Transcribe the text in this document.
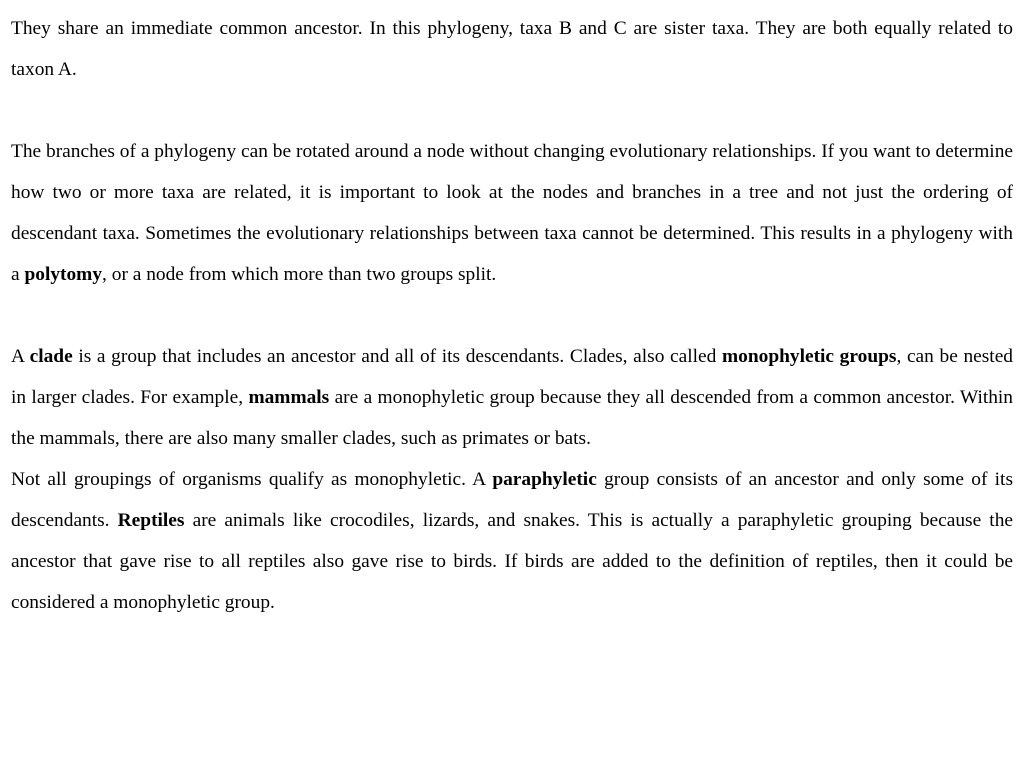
They share an immediate common ancestor. In this phylogeny, taxa B and C are sister taxa. They are both equally related to taxon A.

The branches of a phylogeny can be rotated around a node without changing evolutionary relationships. If you want to determine how two or more taxa are related, it is important to look at the nodes and branches in a tree and not just the ordering of descendant taxa. Sometimes the evolutionary relationships between taxa cannot be determined. This results in a phylogeny with a polytomy, or a node from which more than two groups split.

A clade is a group that includes an ancestor and all of its descendants. Clades, also called monophyletic groups, can be nested in larger clades. For example, mammals are a monophyletic group because they all descended from a common ancestor. Within the mammals, there are also many smaller clades, such as primates or bats.

Not all groupings of organisms qualify as monophyletic. A paraphyletic group consists of an ancestor and only some of its descendants. Reptiles are animals like crocodiles, lizards, and snakes. This is actually a paraphyletic grouping because the ancestor that gave rise to all reptiles also gave rise to birds. If birds are added to the definition of reptiles, then it could be considered a monophyletic group.
